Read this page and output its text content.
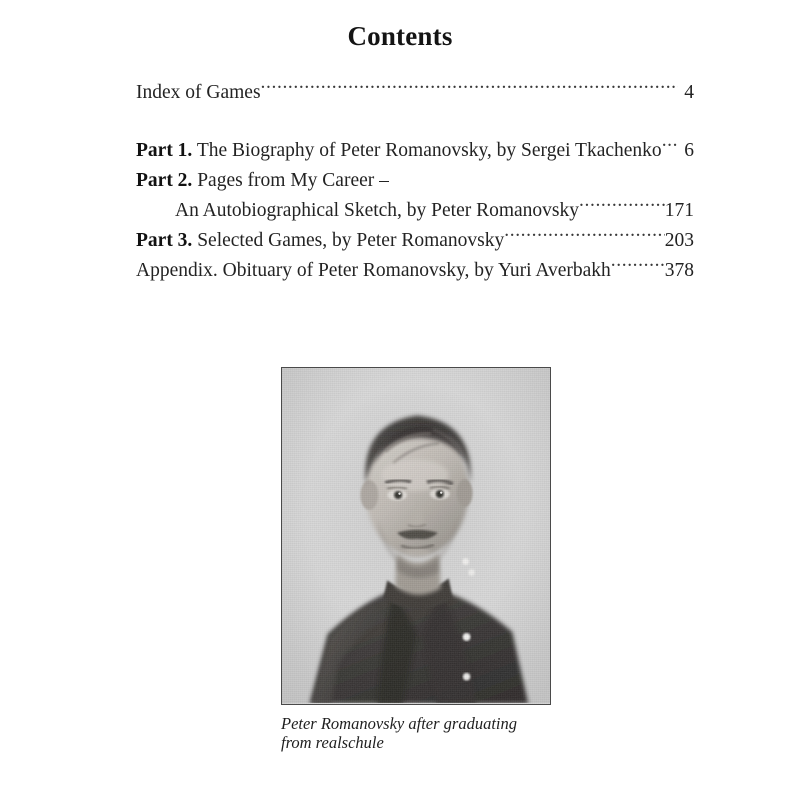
Contents
Index of Games .....	4
Part 1. The Biography of Peter Romanovsky, by Sergei Tkachenko .....	6
Part 2. Pages from My Career –
An Autobiographical Sketch, by Peter Romanovsky .....	171
Part 3. Selected Games, by Peter Romanovsky .....	203
Appendix. Obituary of Peter Romanovsky, by Yuri Averbakh .....	378
Peter Romanovsky after graduating
from realschule
